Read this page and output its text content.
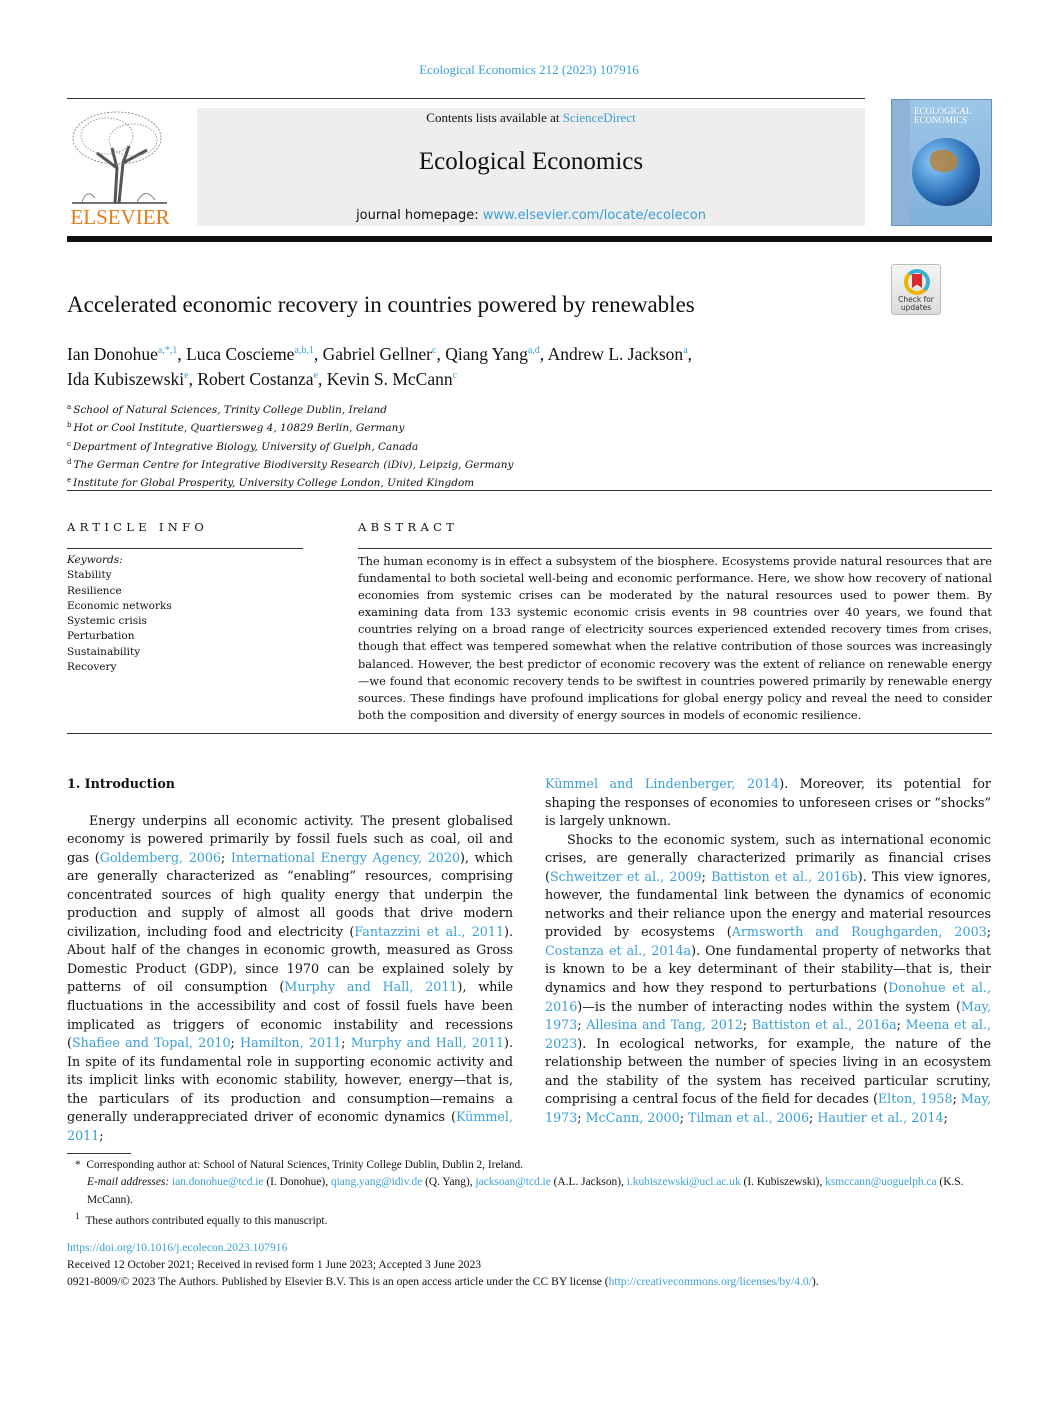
Ecological Economics 212 (2023) 107916
ELSEVIER
Contents lists available at ScienceDirect
Ecological Economics
journal homepage: www.elsevier.com/locate/ecolecon
ECOLOGICAL
ECONOMICS
Check for
updates
Accelerated economic recovery in countries powered by renewables
Ian Donohue$^{a,*,1}$, Luca Coscieme$^{a,b,1}$, Gabriel Gellner$^c$, Qiang Yang$^{a,d}$, Andrew L. Jackson$^a$,
Ida Kubiszewski$^e$, Robert Costanza$^e$, Kevin S. McCann$^c$
$^a$ School of Natural Sciences, Trinity College Dublin, Ireland
$^b$ Hot or Cool Institute, Quartiersweg 4, 10829 Berlin, Germany
$^c$ Department of Integrative Biology, University of Guelph, Canada
$^d$ The German Centre for Integrative Biodiversity Research (iDiv), Leipzig, Germany
$^e$ Institute for Global Prosperity, University College London, United Kingdom
ARTICLE INFO
Keywords:
Stability
Resilience
Economic networks
Systemic crisis
Perturbation
Sustainability
Recovery
ABSTRACT
The human economy is in effect a subsystem of the biosphere. Ecosystems provide natural resources that are fundamental to both societal well-being and economic performance. Here, we show how recovery of national economies from systemic crises can be moderated by the natural resources used to power them. By examining data from 133 systemic economic crisis events in 98 countries over 40 years, we found that countries relying on a broad range of electricity sources experienced extended recovery times from crises, though that effect was tempered somewhat when the relative contribution of those sources was increasingly balanced. However, the best predictor of economic recovery was the extent of reliance on renewable energy—we found that economic recovery tends to be swiftest in countries powered primarily by renewable energy sources. These findings have profound implications for global energy policy and reveal the need to consider both the composition and diversity of energy sources in models of economic resilience.
1. Introduction

Energy underpins all economic activity. The present globalised economy is powered primarily by fossil fuels such as coal, oil and gas (Goldemberg, 2006; International Energy Agency, 2020), which are generally characterized as “enabling” resources, comprising concentrated sources of high quality energy that underpin the production and supply of almost all goods that drive modern civilization, including food and electricity (Fantazzini et al., 2011). About half of the changes in economic growth, measured as Gross Domestic Product (GDP), since 1970 can be explained solely by patterns of oil consumption (Murphy and Hall, 2011), while fluctuations in the accessibility and cost of fossil fuels have been implicated as triggers of economic instability and recessions (Shafiee and Topal, 2010; Hamilton, 2011; Murphy and Hall, 2011). In spite of its fundamental role in supporting economic activity and its implicit links with economic stability, however, energy—that is, the particulars of its production and consumption—remains a generally underappreciated driver of economic dynamics (Kümmel, 2011;

Kümmel and Lindenberger, 2014). Moreover, its potential for shaping the responses of economies to unforeseen crises or “shocks” is largely unknown.

Shocks to the economic system, such as international economic crises, are generally characterized primarily as financial crises (Schweitzer et al., 2009; Battiston et al., 2016b). This view ignores, however, the fundamental link between the dynamics of economic networks and their reliance upon the energy and material resources provided by ecosystems (Armsworth and Roughgarden, 2003; Costanza et al., 2014a). One fundamental property of networks that is known to be a key determinant of their stability—that is, their dynamics and how they respond to perturbations (Donohue et al., 2016)—is the number of interacting nodes within the system (May, 1973; Allesina and Tang, 2012; Battiston et al., 2016a; Meena et al., 2023). In ecological networks, for example, the nature of the relationship between the number of species living in an ecosystem and the stability of the system has received particular scrutiny, comprising a central focus of the field for decades (Elton, 1958; May, 1973; McCann, 2000; Tilman et al., 2006; Hautier et al., 2014;

* Corresponding author at: School of Natural Sciences, Trinity College Dublin, Dublin 2, Ireland.
E-mail addresses: ian.donohue@tcd.ie (I. Donohue), qiang.yang@idiv.de (Q. Yang), jacksoan@tcd.ie (A.L. Jackson), i.kubiszewski@ucl.ac.uk (I. Kubiszewski), ksmccann@uoguelph.ca (K.S. McCann).
$^1$ These authors contributed equally to this manuscript.
https://doi.org/10.1016/j.ecolecon.2023.107916
Received 12 October 2021; Received in revised form 1 June 2023; Accepted 3 June 2023
0921-8009/© 2023 The Authors. Published by Elsevier B.V. This is an open access article under the CC BY license (http://creativecommons.org/licenses/by/4.0/).
